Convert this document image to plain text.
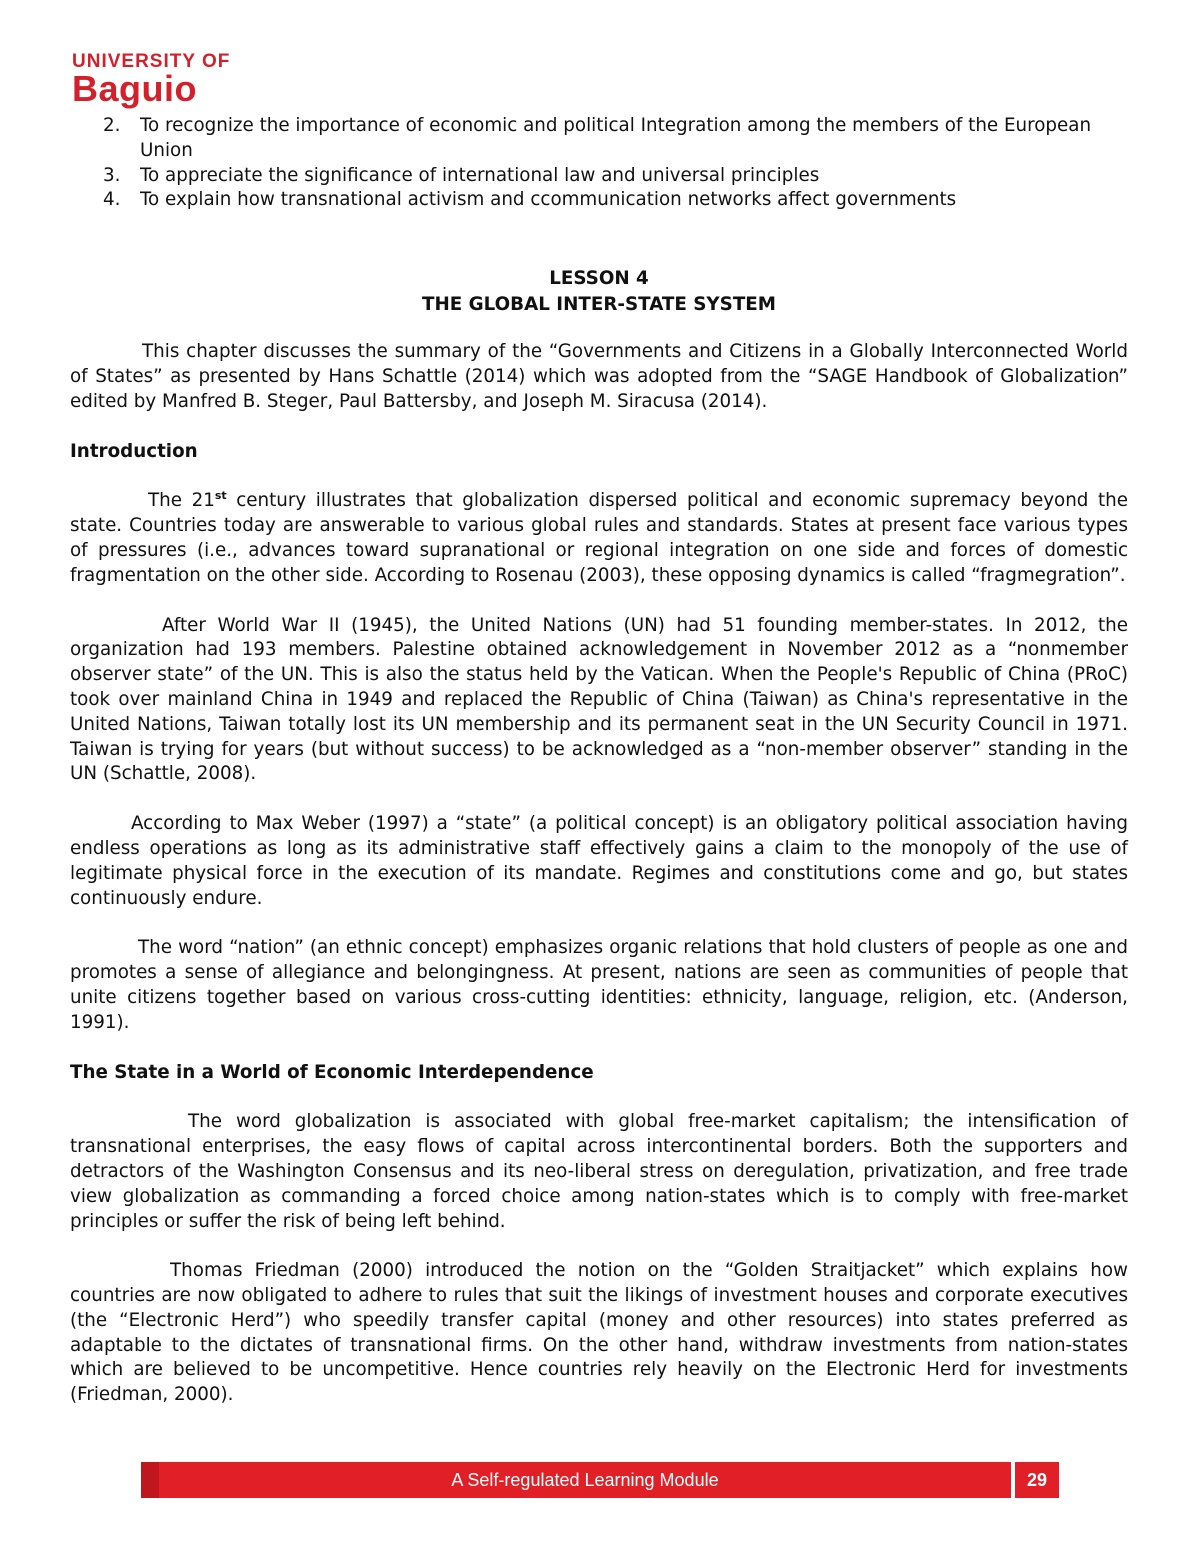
UNIVERSITY OF
Baguio
2. To recognize the importance of economic and political Integration among the members of the European Union
3. To appreciate the significance of international law and universal principles
4. To explain how transnational activism and ccommunication networks affect governments
LESSON 4
THE GLOBAL INTER-STATE SYSTEM

This chapter discusses the summary of the “Governments and Citizens in a Globally Interconnected World of States” as presented by Hans Schattle (2014) which was adopted from the “SAGE Handbook of Globalization” edited by Manfred B. Steger, Paul Battersby, and Joseph M. Siracusa (2014).

Introduction

The 21st century illustrates that globalization dispersed political and economic supremacy beyond the state. Countries today are answerable to various global rules and standards. States at present face various types of pressures (i.e., advances toward supranational or regional integration on one side and forces of domestic fragmentation on the other side. According to Rosenau (2003), these opposing dynamics is called “fragmegration”.

After World War II (1945), the United Nations (UN) had 51 founding member-states. In 2012, the organization had 193 members. Palestine obtained acknowledgement in November 2012 as a “nonmember observer state” of the UN. This is also the status held by the Vatican. When the People's Republic of China (PRoC) took over mainland China in 1949 and replaced the Republic of China (Taiwan) as China's representative in the United Nations, Taiwan totally lost its UN membership and its permanent seat in the UN Security Council in 1971. Taiwan is trying for years (but without success) to be acknowledged as a “non-member observer” standing in the UN (Schattle, 2008).

According to Max Weber (1997) a “state” (a political concept) is an obligatory political association having endless operations as long as its administrative staff effectively gains a claim to the monopoly of the use of legitimate physical force in the execution of its mandate. Regimes and constitutions come and go, but states continuously endure.

The word “nation” (an ethnic concept) emphasizes organic relations that hold clusters of people as one and promotes a sense of allegiance and belongingness. At present, nations are seen as communities of people that unite citizens together based on various cross-cutting identities: ethnicity, language, religion, etc. (Anderson, 1991).

The State in a World of Economic Interdependence

The word globalization is associated with global free-market capitalism; the intensification of transnational enterprises, the easy flows of capital across intercontinental borders. Both the supporters and detractors of the Washington Consensus and its neo-liberal stress on deregulation, privatization, and free trade view globalization as commanding a forced choice among nation-states which is to comply with free-market principles or suffer the risk of being left behind.

Thomas Friedman (2000) introduced the notion on the “Golden Straitjacket” which explains how countries are now obligated to adhere to rules that suit the likings of investment houses and corporate executives (the “Electronic Herd”) who speedily transfer capital (money and other resources) into states preferred as adaptable to the dictates of transnational firms. On the other hand, withdraw investments from nation-states which are believed to be uncompetitive. Hence countries rely heavily on the Electronic Herd for investments (Friedman, 2000).

A Self-regulated Learning Module	29
